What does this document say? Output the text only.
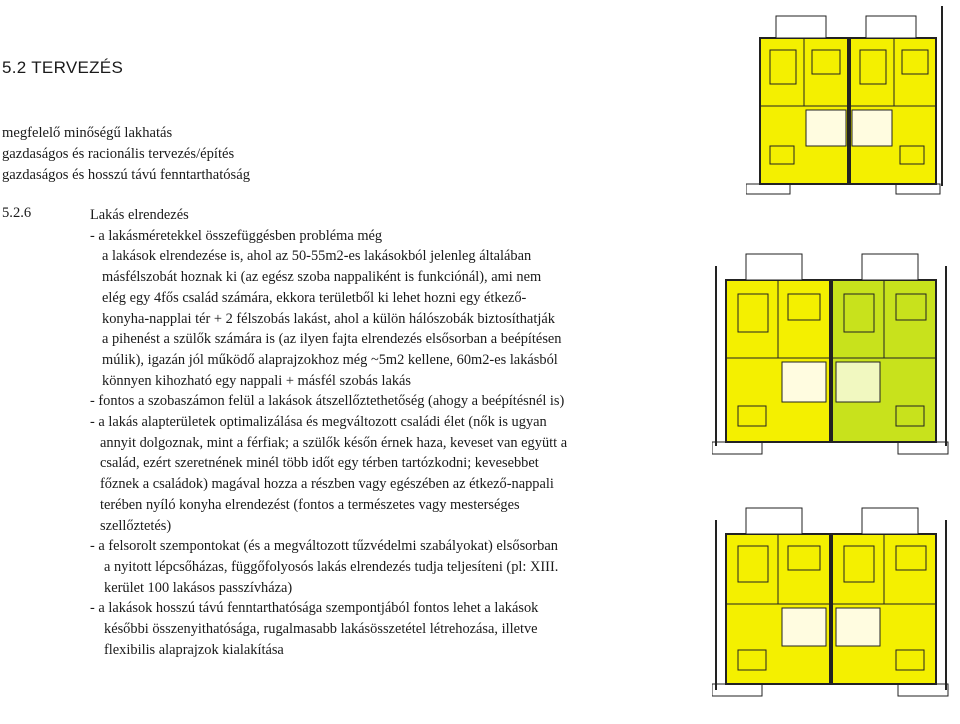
5.2 TERVEZÉS
megfelelő minőségű lakhatás
gazdaságos és racionális tervezés/építés
gazdaságos és hosszú távú fenntarthatóság
5.2.6	Lakás elrendezés
- a lakásméretekkel összefüggésben probléma még
a lakások elrendezése is, ahol az 50-55m2-es lakásokból jelenleg általában
másfélszobát hoznak ki (az egész szoba nappaliként is funkciónál), ami nem
elég egy 4fős család számára, ekkora területből ki lehet hozni egy étkező-
konyha-napplai tér + 2 félszobás lakást, ahol a külön hálószobák biztosíthatják
a pihenést a szülők számára is (az ilyen fajta elrendezés elsősorban a beépítésen
múlik), igazán jól működő alaprajzokhoz még ~5m2 kellene, 60m2-es lakásból
könnyen kihozható egy nappali + másfél szobás lakás
- fontos a szobaszámon felül a lakások átszellőztethetőség (ahogy a beépítésnél is)
- a lakás alapterületek optimalizálása és megváltozott családi élet (nők is ugyan
annyit dolgoznak, mint a férfiak; a szülők későn érnek haza, keveset van együtt a
család, ezért szeretnének minél több időt egy térben tartózkodni; kevesebbet
főznek a családok) magával hozza a részben vagy egészében az étkező-nappali
terében nyíló konyha elrendezést (fontos a természetes vagy mesterséges
szellőztetés)
- a felsorolt szempontokat (és a megváltozott tűzvédelmi szabályokat) elsősorban
a nyitott lépcsőházas, függőfolyosós lakás elrendezés tudja teljesíteni (pl: XIII.
kerület 100 lakásos passzívháza)
- a lakások hosszú távú fenntarthatósága szempontjából fontos lehet a lakások
későbbi összenyithatósága, rugalmasabb lakásösszetétel létrehozása, illetve
flexibilis alaprajzok kialakítása
